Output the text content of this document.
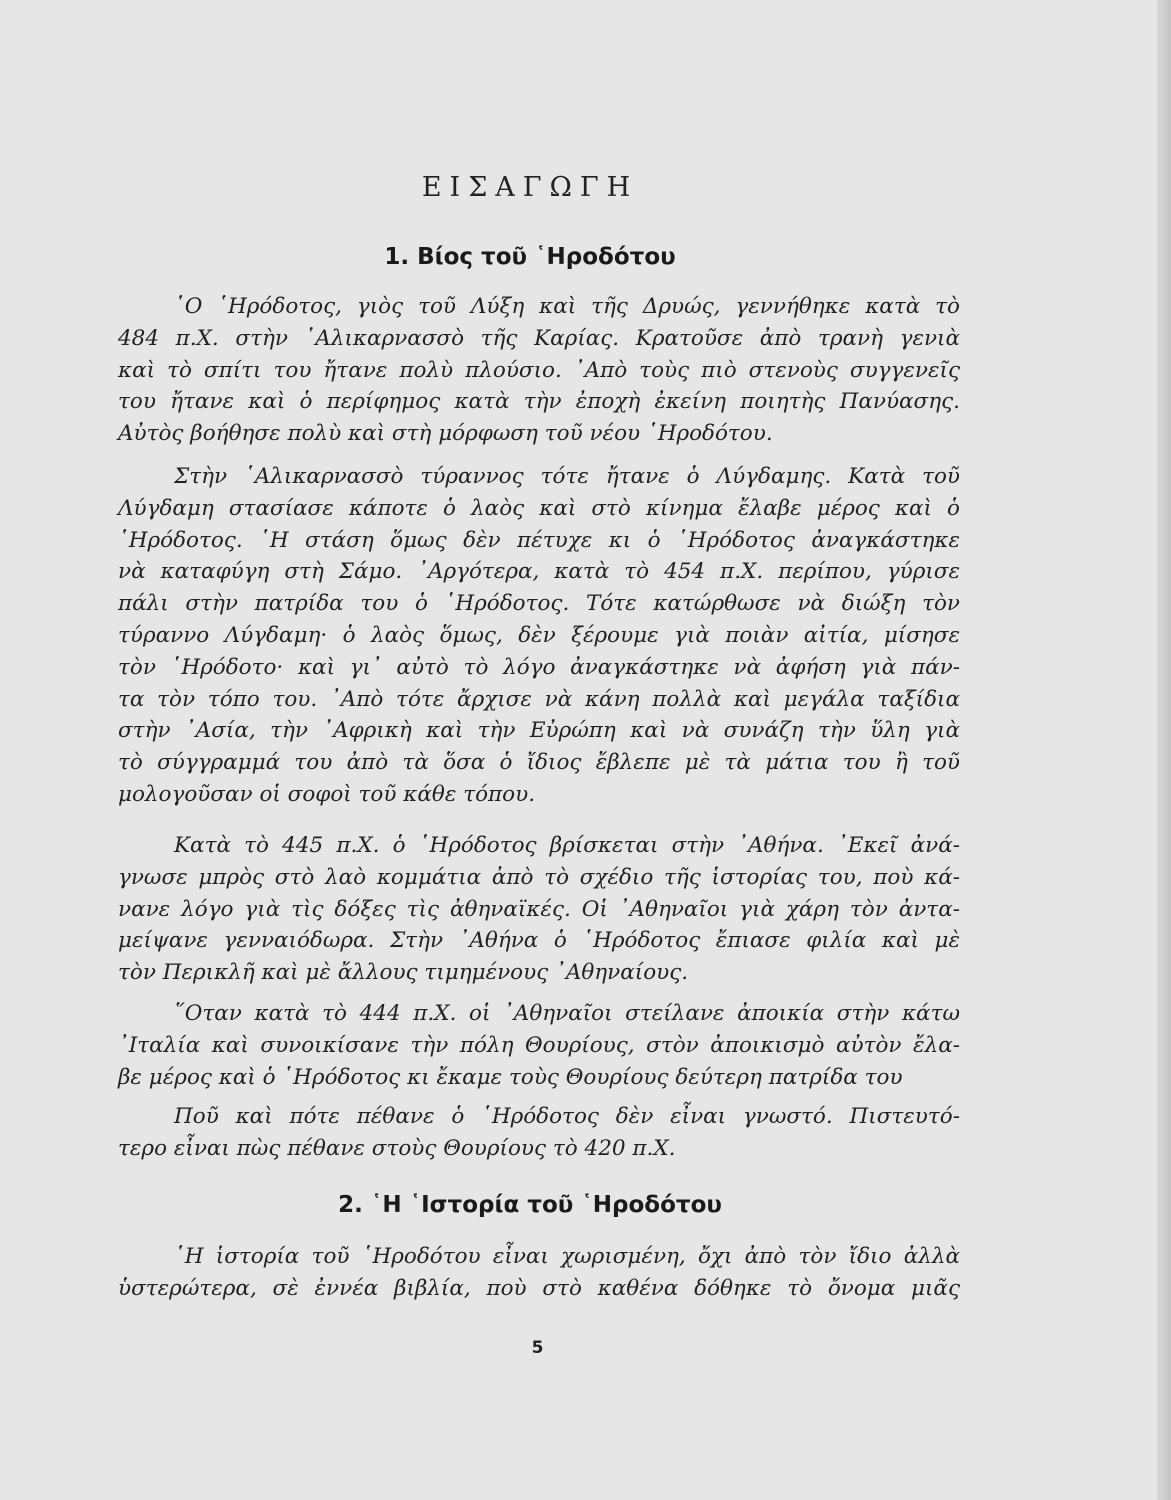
ΕΙΣΑΓΩΓΗ
1. Βίος τοῦ ῾Ηροδότου
῾Ο ῾Ηρόδοτος, γιὸς τοῦ Λύξη καὶ τῆς Δρυώς, γεννήθηκε κατὰ τὸ
484 π.Χ. στὴν ῾Αλικαρνασσὸ τῆς Καρίας. Κρατοῦσε ἀπὸ τρανὴ γενιὰ
καὶ τὸ σπίτι του ἤτανε πολὺ πλούσιο. ᾿Απὸ τοὺς πιὸ στενοὺς συγγενεῖς
του ἤτανε καὶ ὁ περίφημος κατὰ τὴν ἐποχὴ ἐκείνη ποιητὴς Πανύασης.
Αὐτὸς βοήθησε πολὺ καὶ στὴ μόρφωση τοῦ νέου ῾Ηροδότου.
Στὴν ῾Αλικαρνασσὸ τύραννος τότε ἤτανε ὁ Λύγδαμης. Κατὰ τοῦ
Λύγδαμη στασίασε κάποτε ὁ λαὸς καὶ στὸ κίνημα ἔλαβε μέρος καὶ ὁ
῾Ηρόδοτος. ῾Η στάση ὅμως δὲν πέτυχε κι ὁ ῾Ηρόδοτος ἀναγκάστηκε
νὰ καταφύγη στὴ Σάμο. ᾿Αργότερα, κατὰ τὸ 454 π.Χ. περίπου, γύρισε
πάλι στὴν πατρίδα του ὁ ῾Ηρόδοτος. Τότε κατώρθωσε νὰ διώξη τὸν
τύραννο Λύγδαμη· ὁ λαὸς ὅμως, δὲν ξέρουμε γιὰ ποιὰν αἰτία, μίσησε
τὸν ῾Ηρόδοτο· καὶ γι᾿ αὐτὸ τὸ λόγο ἀναγκάστηκε νὰ ἀφήση γιὰ πάν-
τα τὸν τόπο του. ᾿Απὸ τότε ἄρχισε νὰ κάνη πολλὰ καὶ μεγάλα ταξίδια
στὴν ᾿Ασία, τὴν ᾿Αφρικὴ καὶ τὴν Εὐρώπη καὶ νὰ συνάζη τὴν ὕλη γιὰ
τὸ σύγγραμμά του ἀπὸ τὰ ὅσα ὁ ἴδιος ἔβλεπε μὲ τὰ μάτια του ἢ τοῦ
μολογοῦσαν οἱ σοφοὶ τοῦ κάθε τόπου.
Κατὰ τὸ 445 π.Χ. ὁ ῾Ηρόδοτος βρίσκεται στὴν ᾿Αθήνα. ᾿Εκεῖ ἀνά-
γνωσε μπρὸς στὸ λαὸ κομμάτια ἀπὸ τὸ σχέδιο τῆς ἱστορίας του, ποὺ κά-
νανε λόγο γιὰ τὶς δόξες τὶς ἀθηναϊκές. Οἱ ᾿Αθηναῖοι γιὰ χάρη τὸν ἀντα-
μείψανε γενναιόδωρα. Στὴν ᾿Αθήνα ὁ ῾Ηρόδοτος ἔπιασε φιλία καὶ μὲ
τὸν Περικλῆ καὶ μὲ ἄλλους τιμημένους ᾿Αθηναίους.
῞Οταν κατὰ τὸ 444 π.Χ. οἱ ᾿Αθηναῖοι στείλανε ἀποικία στὴν κάτω
᾿Ιταλία καὶ συνοικίσανε τὴν πόλη Θουρίους, στὸν ἀποικισμὸ αὐτὸν ἔλα-
βε μέρος καὶ ὁ ῾Ηρόδοτος κι ἔκαμε τοὺς Θουρίους δεύτερη πατρίδα του
Ποῦ καὶ πότε πέθανε ὁ ῾Ηρόδοτος δὲν εἶναι γνωστό. Πιστευτό-
τερο εἶναι πὼς πέθανε στοὺς Θουρίους τὸ 420 π.Χ.
῾Η ἱστορία τοῦ ῾Ηροδότου εἶναι χωρισμένη, ὄχι ἀπὸ τὸν ἴδιο ἀλλὰ
ὑστερώτερα, σὲ ἐννέα βιβλία, ποὺ στὸ καθένα δόθηκε τὸ ὄνομα μιᾶς
2. ῾Η ῾Ιστορία τοῦ ῾Ηροδότου
5
